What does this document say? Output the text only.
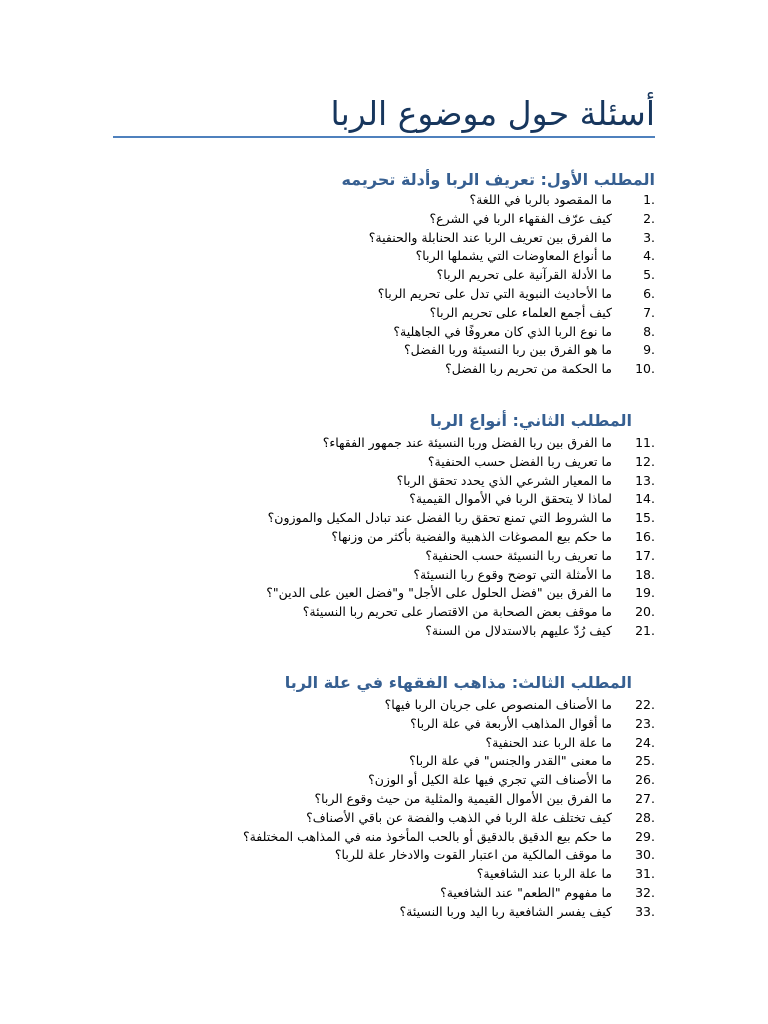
أسئلة حول موضوع الربا
المطلب الأول: تعريف الربا وأدلة تحريمه
1.
ما المقصود بالربا في اللغة؟
2.
كيف عرّف الفقهاء الربا في الشرع؟
3.
ما الفرق بين تعريف الربا عند الحنابلة والحنفية؟
4.
ما أنواع المعاوضات التي يشملها الربا؟
5.
ما الأدلة القرآنية على تحريم الربا؟
6.
ما الأحاديث النبوية التي تدل على تحريم الربا؟
7.
كيف أجمع العلماء على تحريم الربا؟
8.
ما نوع الربا الذي كان معروفًا في الجاهلية؟
9.
ما هو الفرق بين ربا النسيئة وربا الفضل؟
10.
ما الحكمة من تحريم ربا الفضل؟
المطلب الثاني: أنواع الربا
11.
ما الفرق بين ربا الفضل وربا النسيئة عند جمهور الفقهاء؟
12.
ما تعريف ربا الفضل حسب الحنفية؟
13.
ما المعيار الشرعي الذي يحدد تحقق الربا؟
14.
لماذا لا يتحقق الربا في الأموال القيمية؟
15.
ما الشروط التي تمنع تحقق ربا الفضل عند تبادل المكيل والموزون؟
16.
ما حكم بيع المصوغات الذهبية والفضية بأكثر من وزنها؟
17.
ما تعريف ربا النسيئة حسب الحنفية؟
18.
ما الأمثلة التي توضح وقوع ربا النسيئة؟
19.
ما الفرق بين "فضل الحلول على الأجل" و"فضل العين على الدين"؟
20.
ما موقف بعض الصحابة من الاقتصار على تحريم ربا النسيئة؟
21.
كيف رُدّ عليهم بالاستدلال من السنة؟
المطلب الثالث: مذاهب الفقهاء في علة الربا
22.
ما الأصناف المنصوص على جريان الربا فيها؟
23.
ما أقوال المذاهب الأربعة في علة الربا؟
24.
ما علة الربا عند الحنفية؟
25.
ما معنى "القدر والجنس" في علة الربا؟
26.
ما الأصناف التي تجري فيها علة الكيل أو الوزن؟
27.
ما الفرق بين الأموال القيمية والمثلية من حيث وقوع الربا؟
28.
كيف تختلف علة الربا في الذهب والفضة عن باقي الأصناف؟
29.
ما حكم بيع الدقيق بالدقيق أو بالحب المأخوذ منه في المذاهب المختلفة؟
30.
ما موقف المالكية من اعتبار القوت والادخار علة للربا؟
31.
ما علة الربا عند الشافعية؟
32.
ما مفهوم "الطعم" عند الشافعية؟
33.
كيف يفسر الشافعية ربا اليد وربا النسيئة؟
